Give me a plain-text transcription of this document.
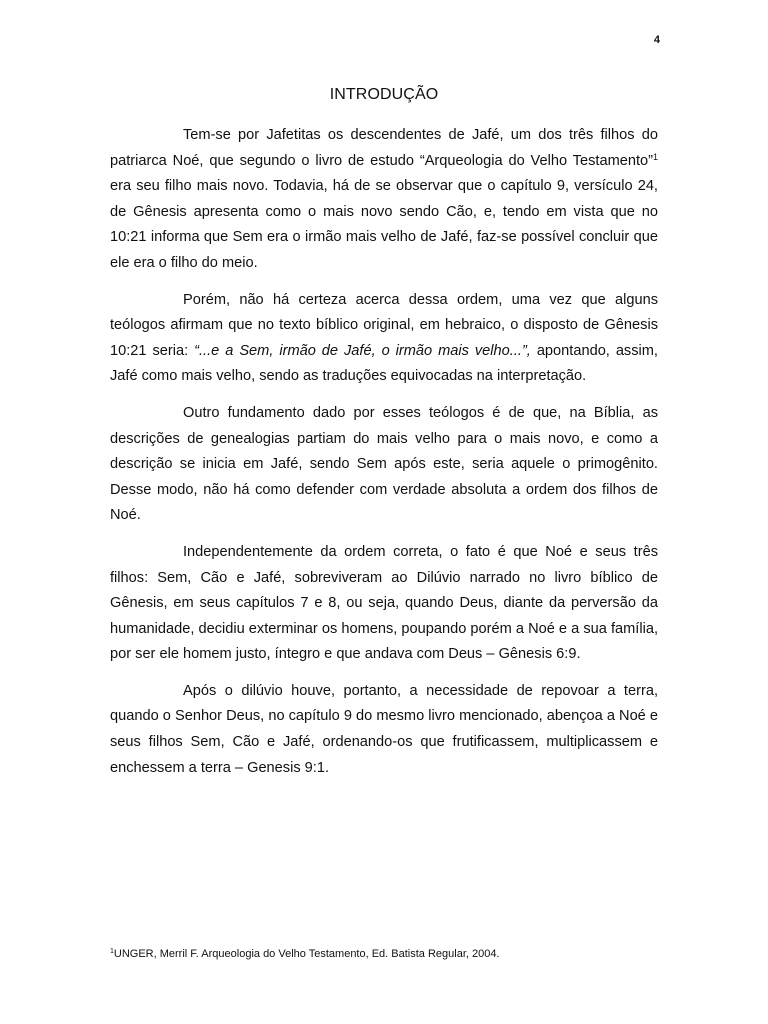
4
INTRODUÇÃO

Tem-se por Jafetitas os descendentes de Jafé, um dos três filhos do patriarca Noé, que segundo o livro de estudo “Arqueologia do Velho Testamento”$^1$ era seu filho mais novo. Todavia, há de se observar que o capítulo 9, versículo 24, de Gênesis apresenta como o mais novo sendo Cão, e, tendo em vista que no 10:21 informa que Sem era o irmão mais velho de Jafé, faz-se possível concluir que ele era o filho do meio.

Porém, não há certeza acerca dessa ordem, uma vez que alguns teólogos afirmam que no texto bíblico original, em hebraico, o disposto de Gênesis 10:21 seria: “...e a Sem, irmão de Jafé, o irmão mais velho...”, apontando, assim, Jafé como mais velho, sendo as traduções equivocadas na interpretação.

Outro fundamento dado por esses teólogos é de que, na Bíblia, as descrições de genealogias partiam do mais velho para o mais novo, e como a descrição se inicia em Jafé, sendo Sem após este, seria aquele o primogênito. Desse modo, não há como defender com verdade absoluta a ordem dos filhos de Noé.

Independentemente da ordem correta, o fato é que Noé e seus três filhos: Sem, Cão e Jafé, sobreviveram ao Dilúvio narrado no livro bíblico de Gênesis, em seus capítulos 7 e 8, ou seja, quando Deus, diante da perversão da humanidade, decidiu exterminar os homens, poupando porém a Noé e a sua família, por ser ele homem justo, íntegro e que andava com Deus – Gênesis 6:9.

Após o dilúvio houve, portanto, a necessidade de repovoar a terra, quando o Senhor Deus, no capítulo 9 do mesmo livro mencionado, abençoa a Noé e seus filhos Sem, Cão e Jafé, ordenando-os que frutificassem, multiplicassem e enchessem a terra – Genesis 9:1.

$^1$UNGER, Merril F. Arqueologia do Velho Testamento, Ed. Batista Regular, 2004.
